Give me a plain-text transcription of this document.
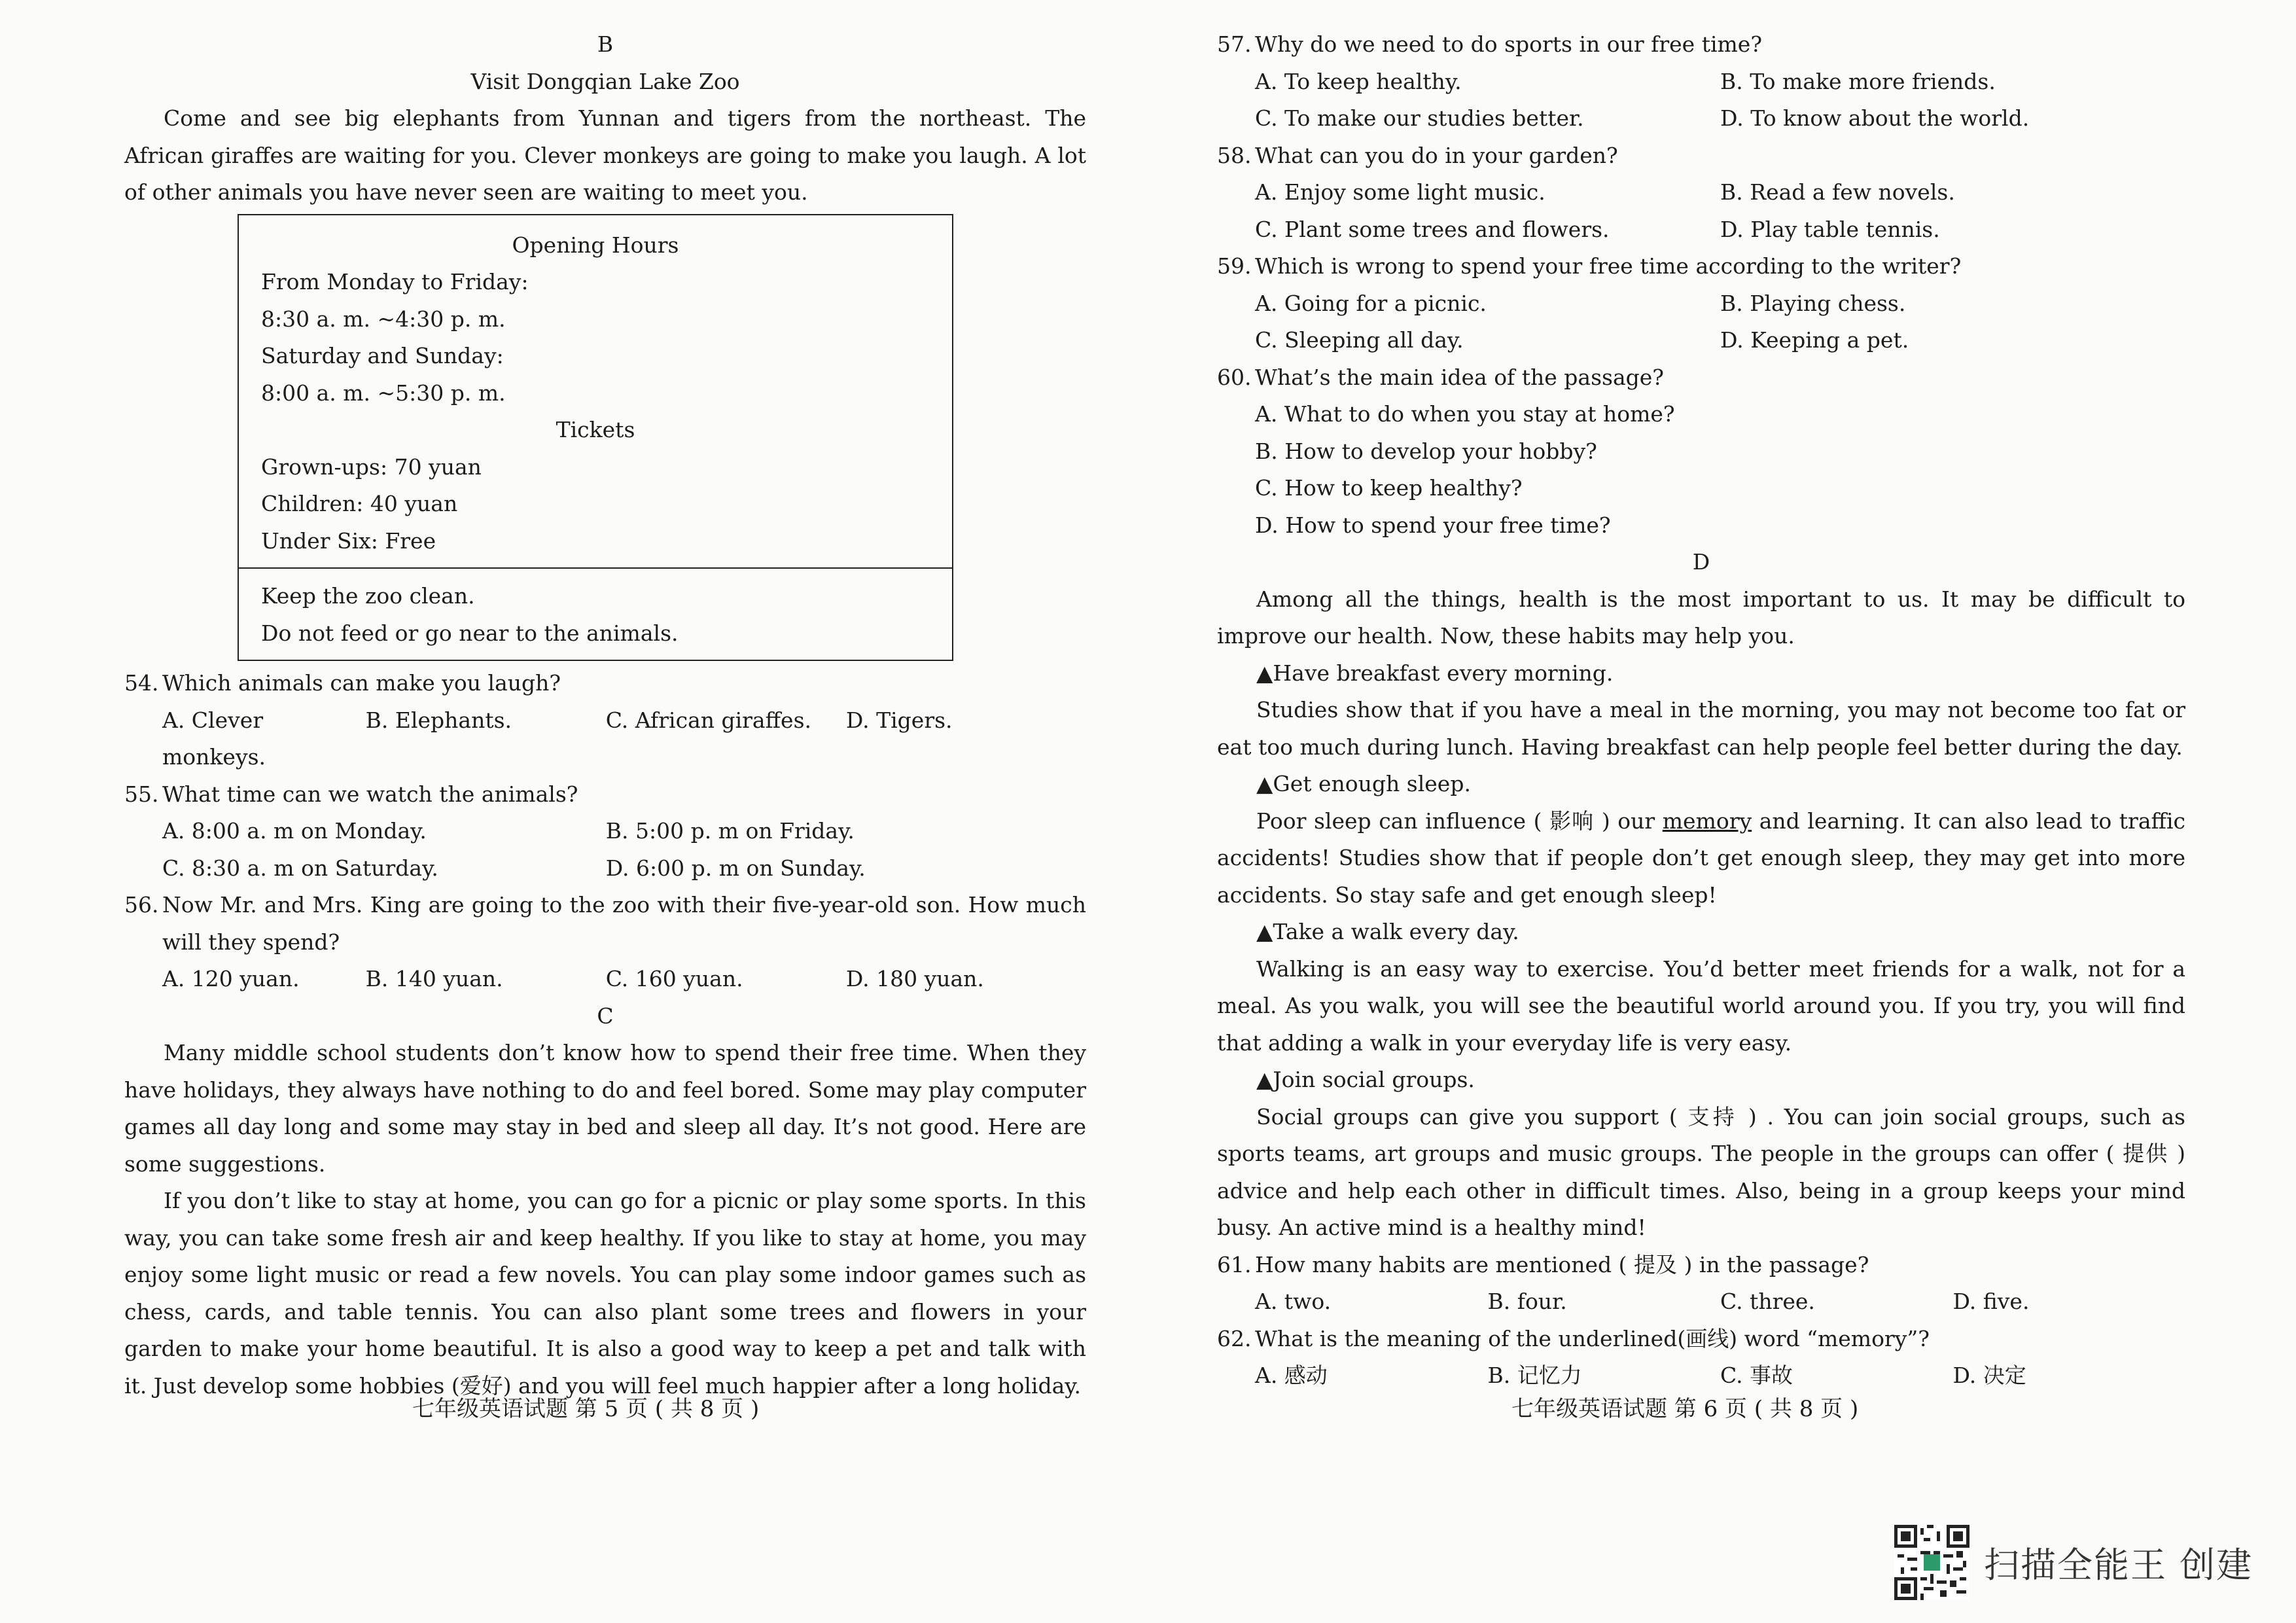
B
Visit Dongqian Lake Zoo

Come and see big elephants from Yunnan and tigers from the northeast. The African giraffes are waiting for you. Clever monkeys are going to make you laugh. A lot of other animals you have never seen are waiting to meet you.

Opening Hours
From Monday to Friday:
8:30 a. m. ~4:30 p. m.
Saturday and Sunday:
8:00 a. m. ~5:30 p. m.
Tickets
Grown-ups: 70 yuan
Children: 40 yuan
Under Six: Free
Keep the zoo clean.
Do not feed or go near to the animals.
54. Which animals can make you laugh?
A. Clever monkeys.
B. Elephants.	C. African giraffes.	D. Tigers.
55. What time can we watch the animals?
A. 8:00 a. m on Monday.	B. 5:00 p. m on Friday.
C. 8:30 a. m on Saturday.	D. 6:00 p. m on Sunday.
56. Now Mr. and Mrs. King are going to the zoo with their five-year-old son. How much will they spend?
A. 120 yuan.	B. 140 yuan.	C. 160 yuan.	D. 180 yuan.
C

Many middle school students don’t know how to spend their free time. When they have holidays, they always have nothing to do and feel bored. Some may play computer games all day long and some may stay in bed and sleep all day. It’s not good. Here are some suggestions.

If you don’t like to stay at home, you can go for a picnic or play some sports. In this way, you can take some fresh air and keep healthy. If you like to stay at home, you may enjoy some light music or read a few novels. You can play some indoor games such as chess, cards, and table tennis. You can also plant some trees and flowers in your garden to make your home beautiful. It is also a good way to keep a pet and talk with it. Just develop some hobbies (爱好) and you will feel much happier after a long holiday.

七年级英语试题 第 5 页 ( 共 8 页 )
57. Why do we need to do sports in our free time?
A. To keep healthy.	B. To make more friends.
C. To make our studies better.	D. To know about the world.
58. What can you do in your garden?
A. Enjoy some light music.	B. Read a few novels.
C. Plant some trees and flowers.	D. Play table tennis.
59. Which is wrong to spend your free time according to the writer?
A. Going for a picnic.	B. Playing chess.
C. Sleeping all day.	D. Keeping a pet.
60. What’s the main idea of the passage?
A. What to do when you stay at home?
B. How to develop your hobby?
C. How to keep healthy?
D. How to spend your free time?
D

Among all the things, health is the most important to us. It may be difficult to improve our health. Now, these habits may help you.

▲Have breakfast every morning.

Studies show that if you have a meal in the morning, you may not become too fat or eat too much during lunch. Having breakfast can help people feel better during the day.

▲Get enough sleep.

Poor sleep can influence ( 影响 ) our memory and learning. It can also lead to traffic accidents! Studies show that if people don’t get enough sleep, they may get into more accidents. So stay safe and get enough sleep!

▲Take a walk every day.

Walking is an easy way to exercise. You’d better meet friends for a walk, not for a meal. As you walk, you will see the beautiful world around you. If you try, you will find that adding a walk in your everyday life is very easy.

▲Join social groups.

Social groups can give you support ( 支持 ) . You can join social groups, such as sports teams, art groups and music groups. The people in the groups can offer ( 提供 ) advice and help each other in difficult times. Also, being in a group keeps your mind busy. An active mind is a healthy mind!

61. How many habits are mentioned ( 提及 ) in the passage?
A. two.	B. four.	C. three.	D. five.
62. What is the meaning of the underlined(画线) word “memory”?
A. 感动	B. 记忆力	C. 事故	D. 决定
七年级英语试题 第 6 页 ( 共 8 页 )
扫描全能王 创建
